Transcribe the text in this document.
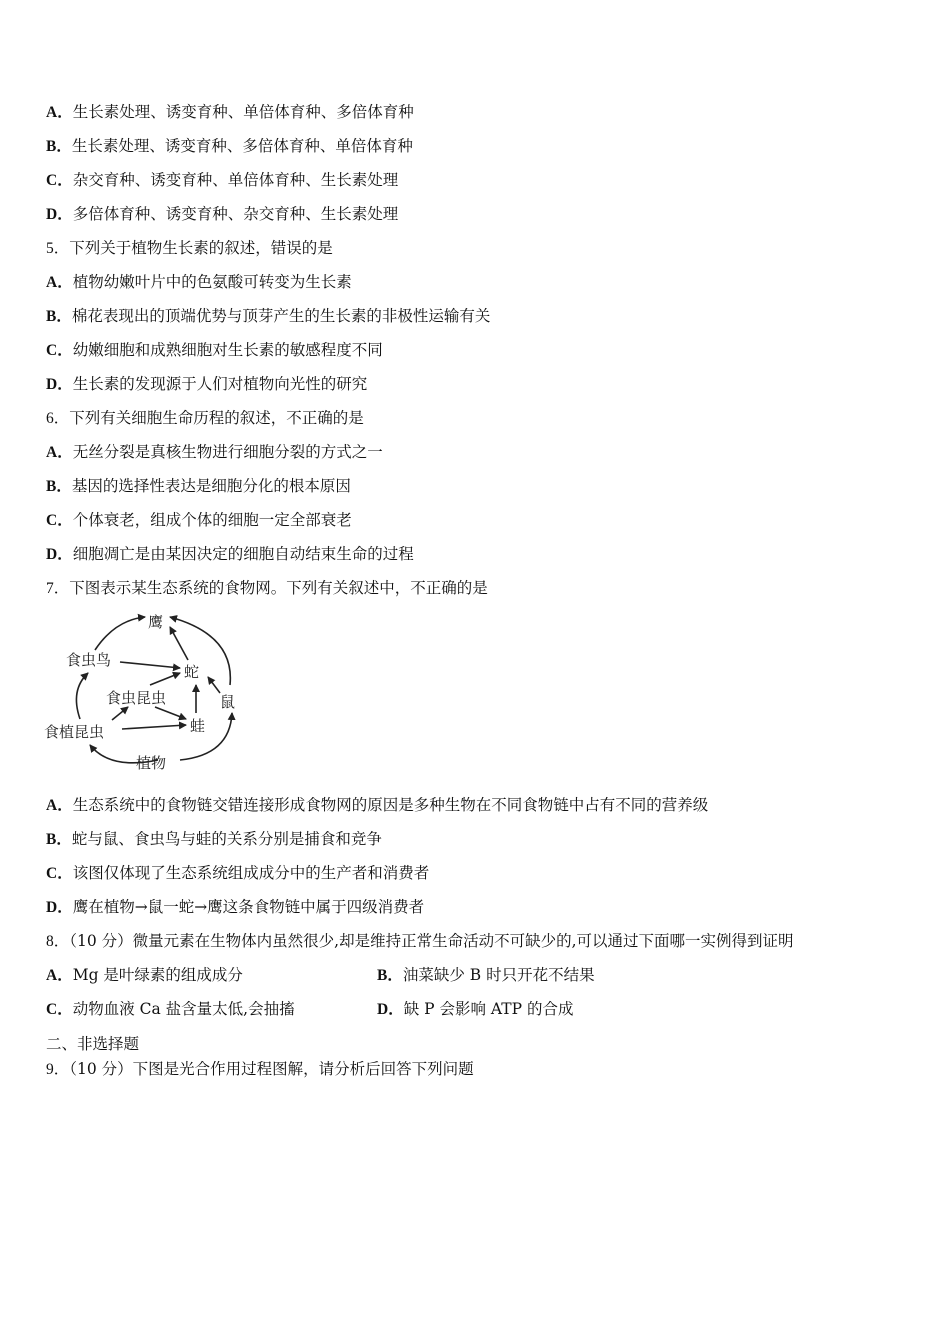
A．生长素处理、诱变育种、单倍体育种、多倍体育种
B．生长素处理、诱变育种、多倍体育种、单倍体育种
C．杂交育种、诱变育种、单倍体育种、生长素处理
D．多倍体育种、诱变育种、杂交育种、生长素处理
5．下列关于植物生长素的叙述，错误的是
A．植物幼嫩叶片中的色氨酸可转变为生长素
B．棉花表现出的顶端优势与顶芽产生的生长素的非极性运输有关
C．幼嫩细胞和成熟细胞对生长素的敏感程度不同
D．生长素的发现源于人们对植物向光性的研究
6．下列有关细胞生命历程的叙述，不正确的是
A．无丝分裂是真核生物进行细胞分裂的方式之一
B．基因的选择性表达是细胞分化的根本原因
C．个体衰老，组成个体的细胞一定全部衰老
D．细胞凋亡是由某因决定的细胞自动结束生命的过程
7．下图表示某生态系统的食物网。下列有关叙述中，不正确的是
鹰
食虫鸟
蛇
食虫昆虫	鼠
食植昆虫	蛙
植物
A．生态系统中的食物链交错连接形成食物网的原因是多种生物在不同食物链中占有不同的营养级
B．蛇与鼠、食虫鸟与蛙的关系分别是捕食和竞争
C．该图仅体现了生态系统组成成分中的生产者和消费者
D．鹰在植物→鼠一蛇→鹰这条食物链中属于四级消费者
8．（10 分）微量元素在生物体内虽然很少,却是维持正常生命活动不可缺少的,可以通过下面哪一实例得到证明
A．Mg 是叶绿素的组成成分	B．油菜缺少 B 时只开花不结果
C．动物血液 Ca 盐含量太低,会抽搐	D．缺 P 会影响 ATP 的合成
二、非选择题
9．（10 分）下图是光合作用过程图解，请分析后回答下列问题
